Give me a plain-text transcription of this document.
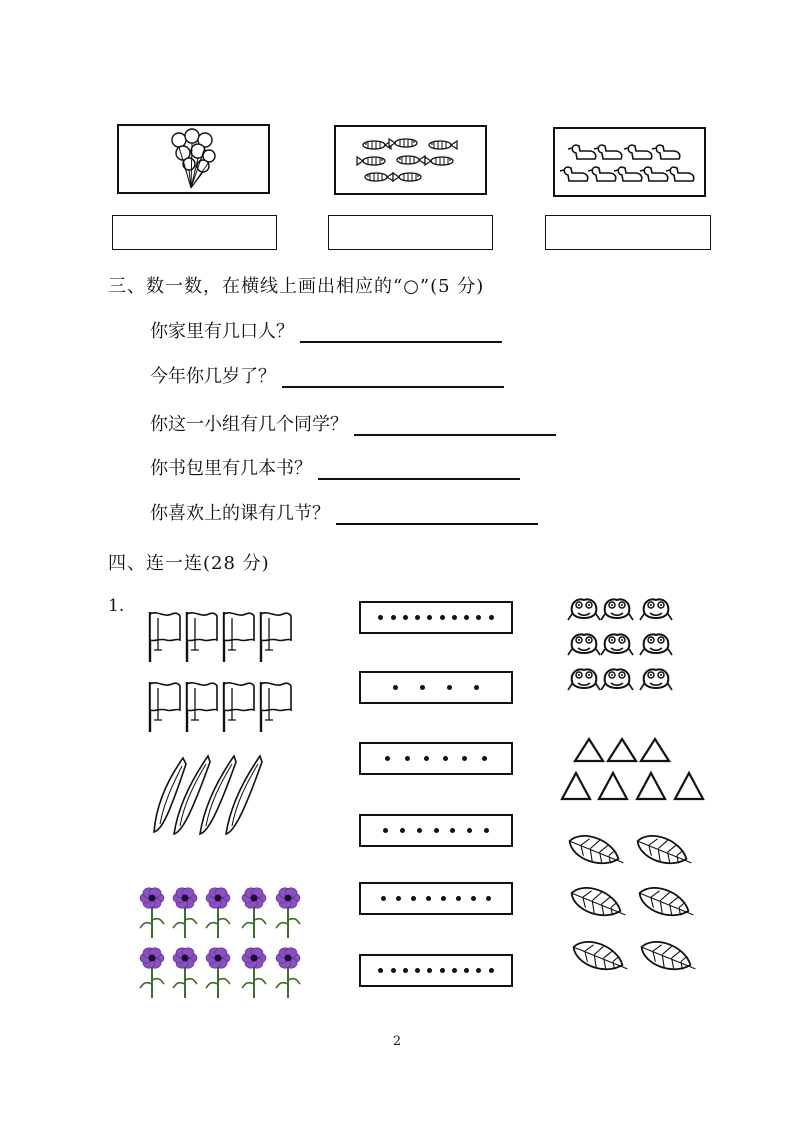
三、数一数，在横线上画出相应的“○”(5 分)
你家里有几口人？
今年你几岁了？
你这一小组有几个同学？
你书包里有几本书？
你喜欢上的课有几节？
四、连一连(28 分)
1.
2
